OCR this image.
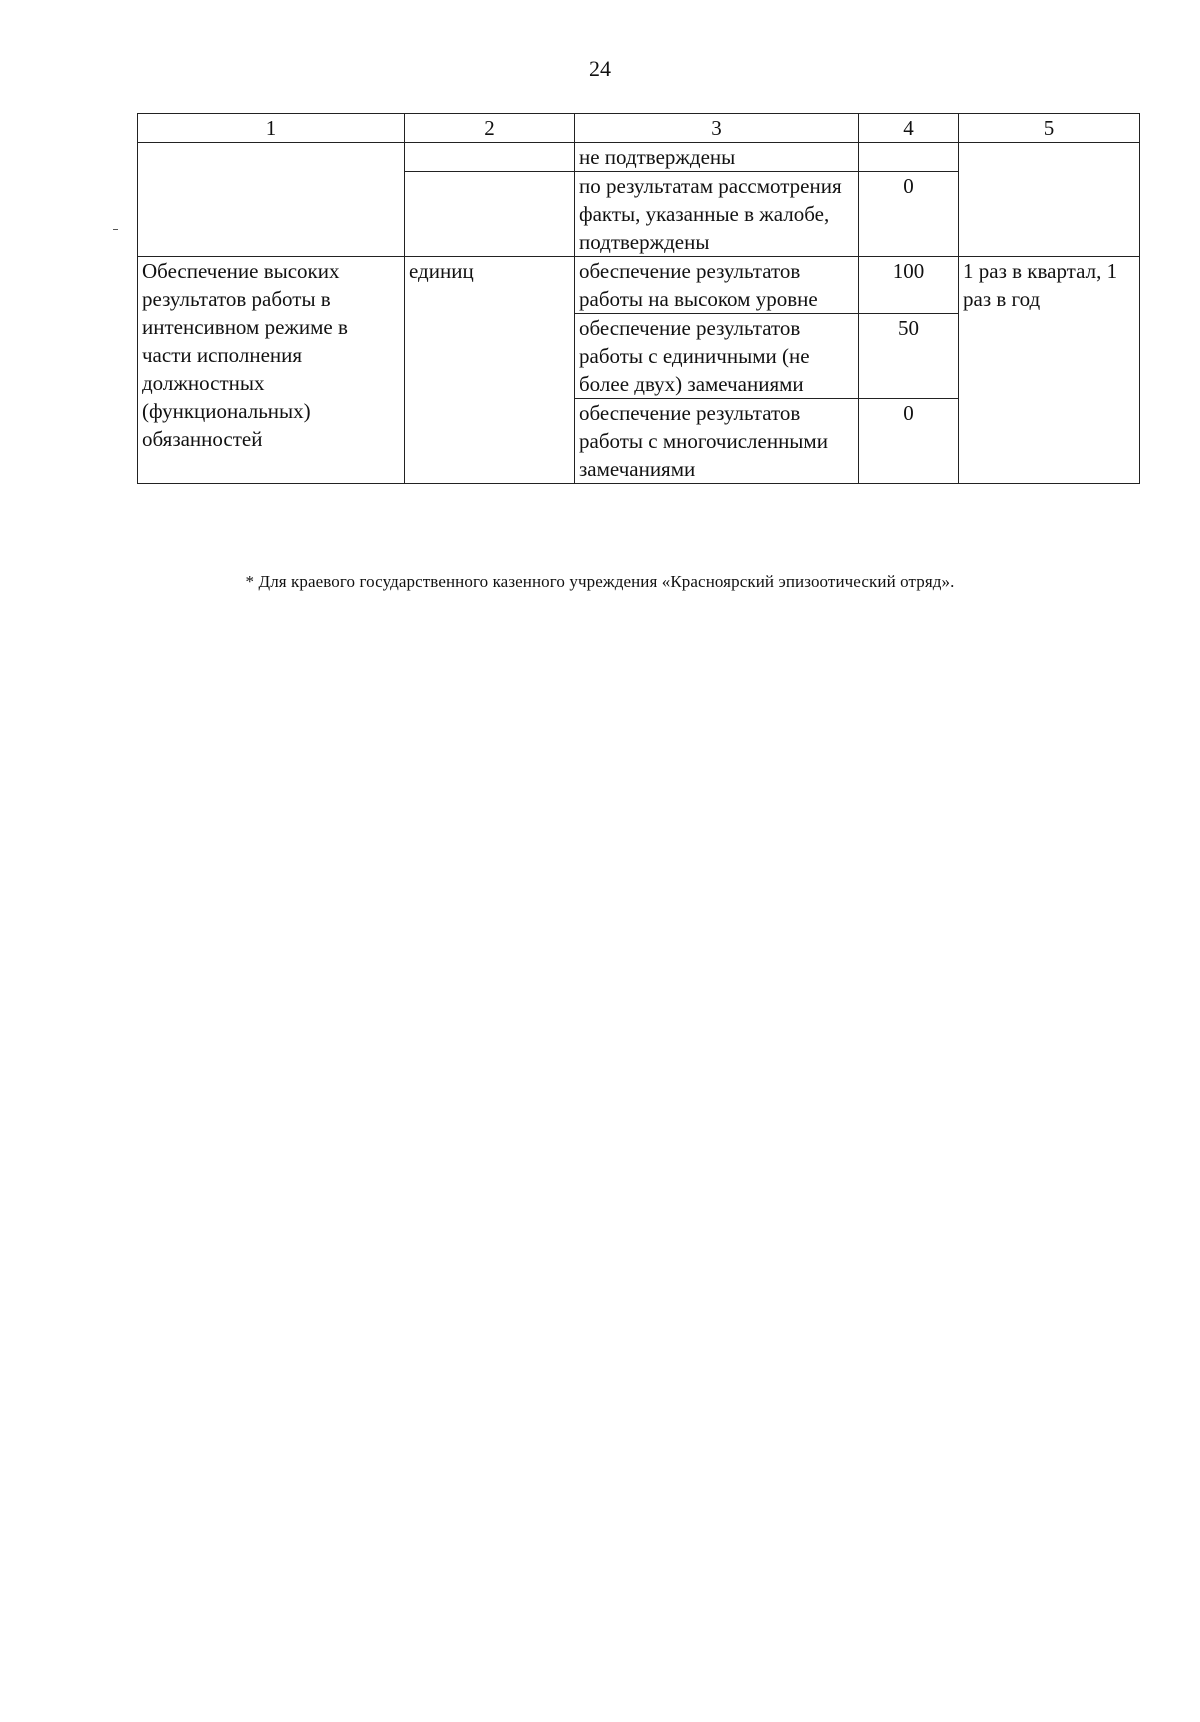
24
1	2	3	4	5
		не подтверждены		
		по результатам рассмотрения факты, указанные в жалобе, подтверждены	0	
Обеспечение высоких результатов работы в интенсивном режиме в части исполнения должностных (функциональных) обязанностей	единиц	обеспечение результатов работы на высоком уровне	100	1 раз в квартал, 1 раз в год
		обеспечение результатов работы с единичными (не более двух) замечаниями	50	
		обеспечение результатов работы с многочисленными замечаниями	0	
* Для краевого государственного казенного учреждения «Красноярский эпизоотический отряд».
